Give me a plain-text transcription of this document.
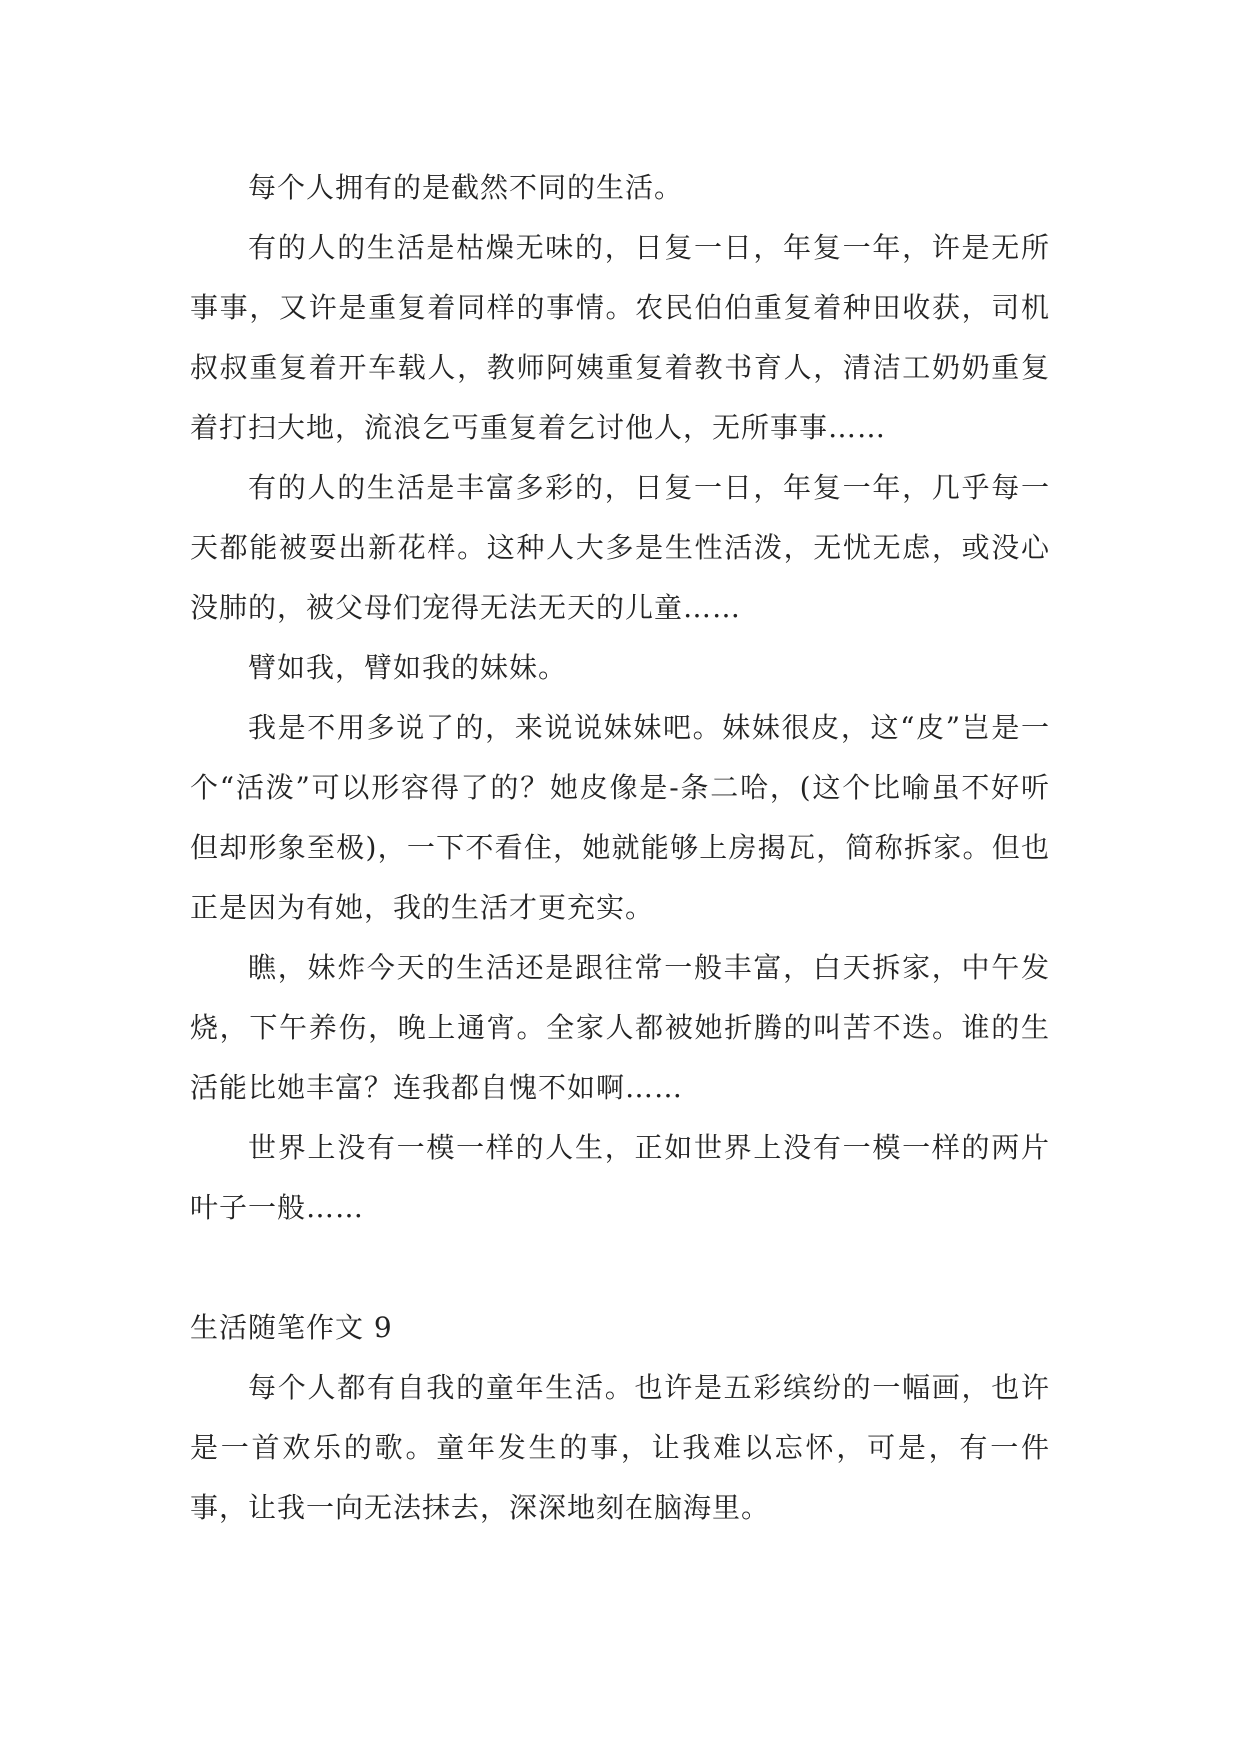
每个人拥有的是截然不同的生活。

有的人的生活是枯燥无味的，日复一日，年复一年，许是无所事事，又许是重复着同样的事情。农民伯伯重复着种田收获，司机叔叔重复着开车载人，教师阿姨重复着教书育人，清洁工奶奶重复着打扫大地，流浪乞丐重复着乞讨他人，无所事事……

有的人的生活是丰富多彩的，日复一日，年复一年，几乎每一天都能被耍出新花样。这种人大多是生性活泼，无忧无虑，或没心没肺的，被父母们宠得无法无天的儿童……

臂如我，臂如我的妹妹。

我是不用多说了的，来说说妹妹吧。妹妹很皮，这“皮”岂是一个“活泼”可以形容得了的？她皮像是-条二哈，(这个比喻虽不好听但却形象至极)，一下不看住，她就能够上房揭瓦，简称拆家。但也正是因为有她，我的生活才更充实。

瞧，妹炸今天的生活还是跟往常一般丰富，白天拆家，中午发烧，下午养伤，晚上通宵。全家人都被她折腾的叫苦不迭。谁的生活能比她丰富？连我都自愧不如啊……

世界上没有一模一样的人生，正如世界上没有一模一样的两片叶子一般……

生活随笔作文 9

每个人都有自我的童年生活。也许是五彩缤纷的一幅画，也许是一首欢乐的歌。童年发生的事，让我难以忘怀，可是，有一件事，让我一向无法抹去，深深地刻在脑海里。
